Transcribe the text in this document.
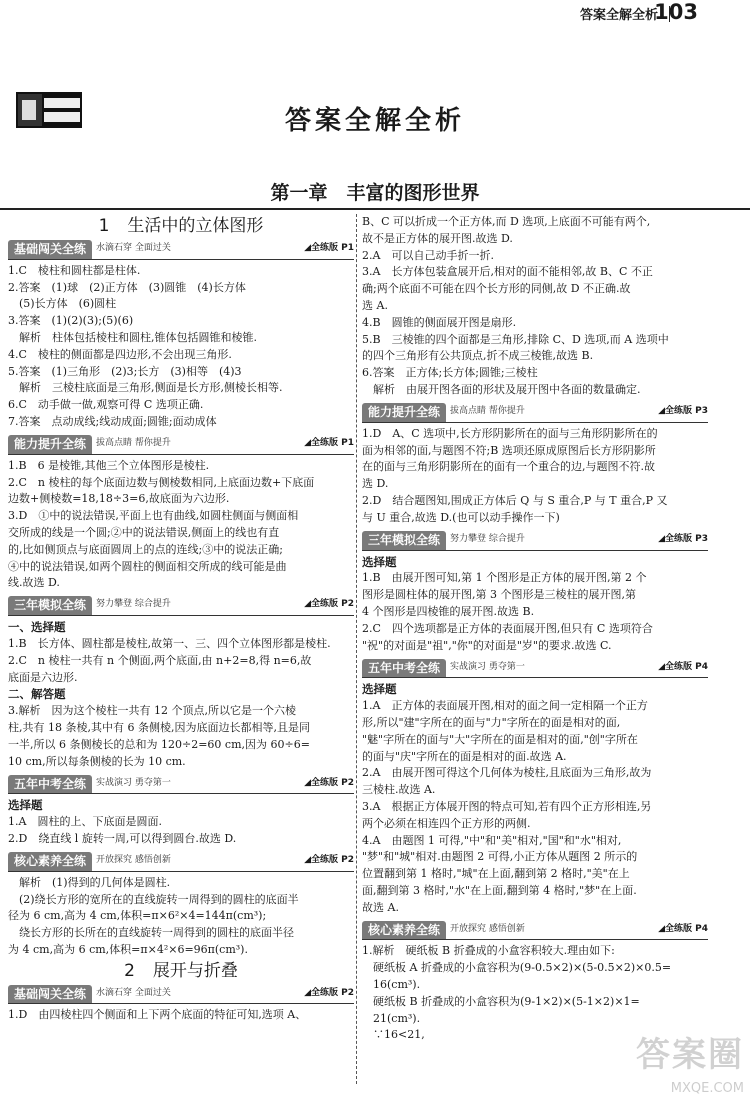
答案全解全析
103
答案全解全析
第一章　丰富的图形世界
1 生活中的立体图形
基础闯关全练	水滴石穿 全面过关	◢全练版 P1
1.C　棱柱和圆柱都是柱体.
2.答案　(1)球　(2)正方体　(3)圆锥　(4)长方体
　(5)长方体　(6)圆柱
3.答案　(1)(2)(3);(5)(6)
　解析　柱体包括棱柱和圆柱,锥体包括圆锥和棱锥.
4.C　棱柱的侧面都是四边形,不会出现三角形.
5.答案　(1)三角形　(2)3;长方　(3)相等　(4)3
　解析　三棱柱底面是三角形,侧面是长方形,侧棱长相等.
6.C　动手做一做,观察可得 C 选项正确.
7.答案　点动成线;线动成面;圆锥;面动成体
能力提升全练	拔高点睛 帮你提升	◢全练版 P1
1.B　6 是棱锥,其他三个立体图形是棱柱.
2.C　n 棱柱的每个底面边数与侧棱数相同,上底面边数+下底面
边数+侧棱数=18,18÷3=6,故底面为六边形.
3.D　①中的说法错误,平面上也有曲线,如圆柱侧面与侧面相
交所成的线是一个圆;②中的说法错误,侧面上的线也有直
的,比如侧顶点与底面圆周上的点的连线;③中的说法正确;
④中的说法错误,如两个圆柱的侧面相交所成的线可能是曲
线.故选 D.
三年模拟全练	努力攀登 综合提升	◢全练版 P2
一、选择题
1.B　长方体、圆柱都是棱柱,故第一、三、四个立体图形都是棱柱.
2.C　n 棱柱一共有 n 个侧面,两个底面,由 n+2=8,得 n=6,故
底面是六边形.
二、解答题
3.解析　因为这个棱柱一共有 12 个顶点,所以它是一个六棱
柱,共有 18 条棱,其中有 6 条侧棱,因为底面边长都相等,且是同
一半,所以 6 条侧棱长的总和为 120÷2=60 cm,因为 60÷6=
10 cm,所以每条侧棱的长为 10 cm.
五年中考全练	实战演习 勇夺第一	◢全练版 P2
选择题
1.A　圆柱的上、下底面是圆面.
2.D　绕直线 l 旋转一周,可以得到圆台.故选 D.
核心素养全练	开放探究 感悟创新	◢全练版 P2
　解析　(1)得到的几何体是圆柱.
　(2)绕长方形的宽所在的直线旋转一周得到的圆柱的底面半
径为 6 cm,高为 4 cm,体积=π×6²×4=144π(cm³);
　绕长方形的长所在的直线旋转一周得到的圆柱的底面半径
为 4 cm,高为 6 cm,体积=π×4²×6=96π(cm³).
2 展开与折叠
基础闯关全练	水滴石穿 全面过关	◢全练版 P2
1.D　由四棱柱四个侧面和上下两个底面的特征可知,选项 A、
B、C 可以折成一个正方体,而 D 选项,上底面不可能有两个,
故不是正方体的展开图.故选 D.
2.A　可以自己动手折一折.
3.A　长方体包装盒展开后,相对的面不能相邻,故 B、C 不正
确;两个底面不可能在四个长方形的同侧,故 D 不正确.故
选 A.
4.B　圆锥的侧面展开图是扇形.
5.B　三棱锥的四个面都是三角形,排除 C、D 选项,而 A 选项中
的四个三角形有公共顶点,折不成三棱锥,故选 B.
6.答案　正方体;长方体;圆锥;三棱柱
　解析　由展开图各面的形状及展开图中各面的数量确定.
能力提升全练	拔高点睛 帮你提升	◢全练版 P3
1.D　A、C 选项中,长方形阴影所在的面与三角形阴影所在的
面为相邻的面,与题图不符;B 选项还原成原图后长方形阴影所
在的面与三角形阴影所在的面有一个重合的边,与题图不符.故
选 D.
2.D　结合题图知,围成正方体后 Q 与 S 重合,P 与 T 重合,P 又
与 U 重合,故选 D.(也可以动手操作一下)
三年模拟全练	努力攀登 综合提升	◢全练版 P3
选择题
1.B　由展开图可知,第 1 个图形是正方体的展开图,第 2 个
图形是圆柱体的展开图,第 3 个图形是三棱柱的展开图,第
4 个图形是四棱锥的展开图.故选 B.
2.C　四个选项都是正方体的表面展开图,但只有 C 选项符合
"祝"的对面是"祖","你"的对面是"岁"的要求.故选 C.
五年中考全练	实战演习 勇夺第一	◢全练版 P4
选择题
1.A　正方体的表面展开图,相对的面之间一定相隔一个正方
形,所以"建"字所在的面与"力"字所在的面是相对的面,
"魅"字所在的面与"大"字所在的面是相对的面,"创"字所在
的面与"庆"字所在的面是相对的面.故选 A.
2.A　由展开图可得这个几何体为棱柱,且底面为三角形,故为
三棱柱.故选 A.
3.A　根据正方体展开图的特点可知,若有四个正方形相连,另
两个必须在相连四个正方形的两侧.
4.A　由题图 1 可得,"中"和"美"相对,"国"和"水"相对,
"梦"和"城"相对.由题图 2 可得,小正方体从题图 2 所示的
位置翻到第 1 格时,"城"在上面,翻到第 2 格时,"美"在上
面,翻到第 3 格时,"水"在上面,翻到第 4 格时,"梦"在上面.
故选 A.
核心素养全练	开放探究 感悟创新	◢全练版 P4
1.解析　硬纸板 B 折叠成的小盒容积较大.理由如下:
　硬纸板 A 折叠成的小盒容积为(9-0.5×2)×(5-0.5×2)×0.5=
　16(cm³).
　硬纸板 B 折叠成的小盒容积为(9-1×2)×(5-1×2)×1=
　21(cm³).
　∵16<21,
答案圈
MXQE.COM
